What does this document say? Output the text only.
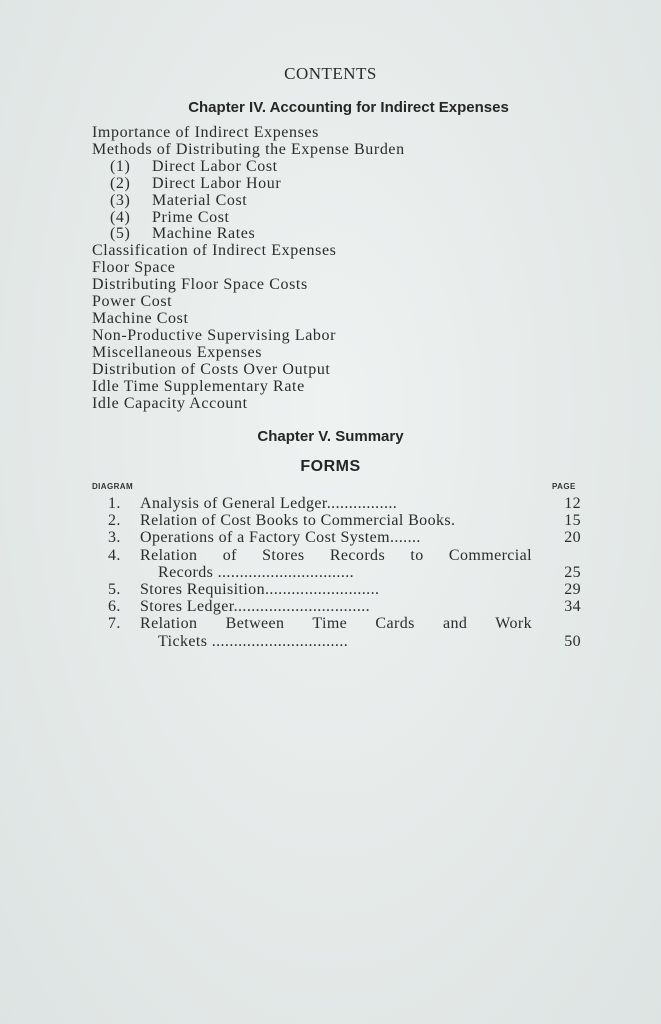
CONTENTS
Chapter IV. Accounting for Indirect Expenses
Importance of Indirect Expenses
Methods of Distributing the Expense Burden
(1) Direct Labor Cost
(2) Direct Labor Hour
(3) Material Cost
(4) Prime Cost
(5) Machine Rates
Classification of Indirect Expenses
Floor Space
Distributing Floor Space Costs
Power Cost
Machine Cost
Non-Productive Supervising Labor
Miscellaneous Expenses
Distribution of Costs Over Output
Idle Time Supplementary Rate
Idle Capacity Account
Chapter V. Summary
FORMS
DIAGRAM	PAGE
1. Analysis of General Ledger................	12
2. Relation of Cost Books to Commercial Books.	15
3. Operations of a Factory Cost System.......	20
4. Relation of Stores Records to Commercial
Records ...............................	25
5. Stores Requisition..........................	29
6. Stores Ledger...............................	34
7. Relation Between Time Cards and Work
Tickets ...............................	50
